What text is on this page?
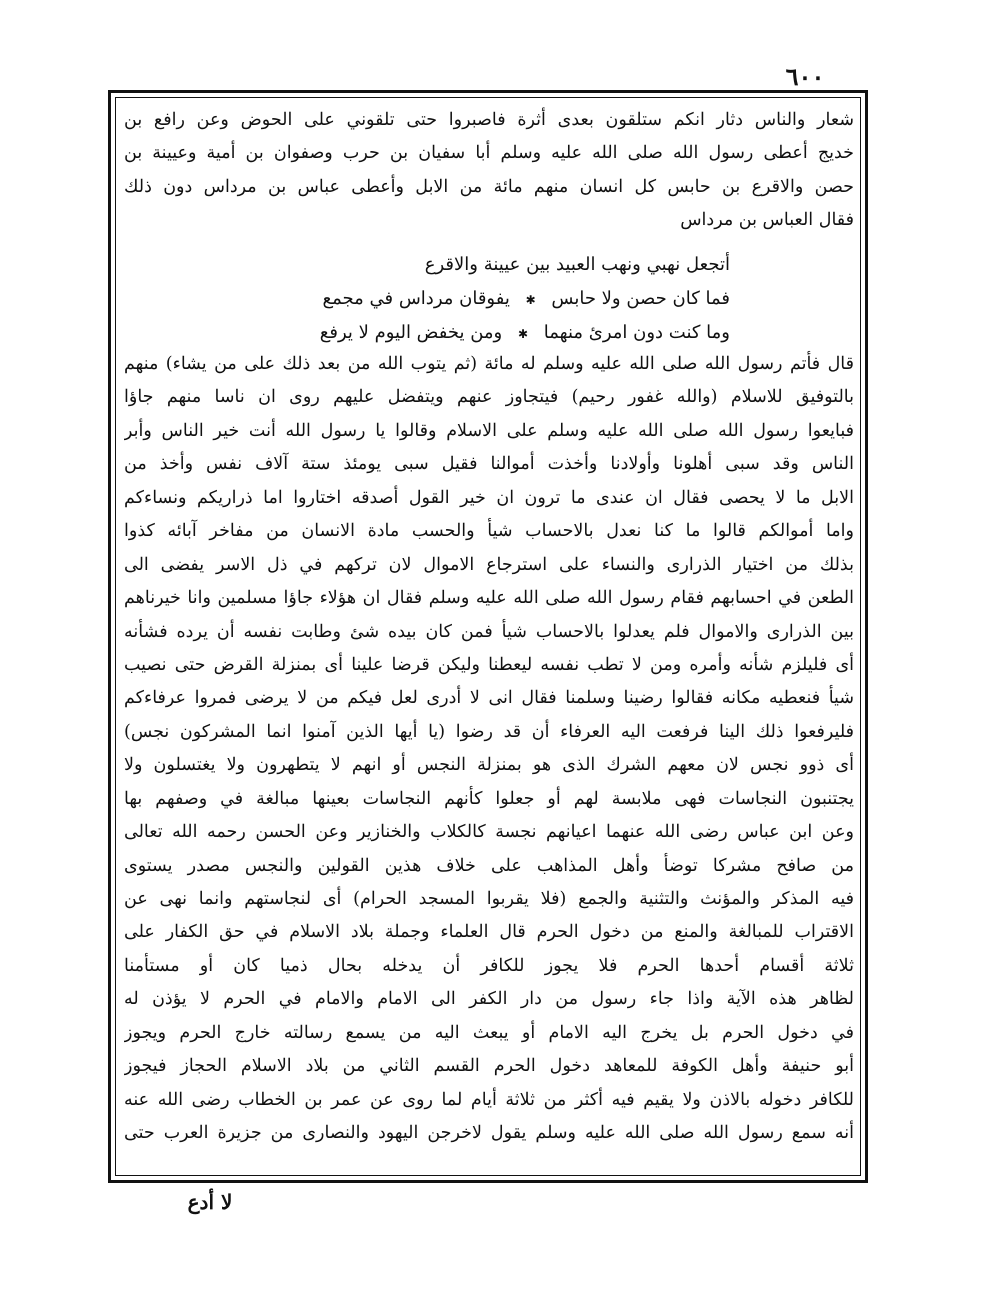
٦٠٠
شعار والناس دثار انكم ستلقون بعدى أثرة فاصبروا حتى تلقوني على الحوض وعن رافع بن
خديج أعطى رسول الله صلى الله عليه وسلم أبا سفيان بن حرب وصفوان بن أمية وعيينة بن
حصن والاقرع بن حابس كل انسان منهم مائة من الابل وأعطى عباس بن مرداس دون ذلك
فقال العباس بن مرداس
أتجعل نهبي ونهب العبيد بين عيينة والاقرع
فما كان حصن ولا حابس ✱ يفوقان مرداس في مجمع
وما كنت دون امرئ منهما ✱ ومن يخفض اليوم لا يرفع
قال فأتم رسول الله صلى الله عليه وسلم له مائة (ثم يتوب الله من بعد ذلك على من يشاء) منهم
بالتوفيق للاسلام (والله غفور رحيم) فيتجاوز عنهم ويتفضل عليهم روى ان ناسا منهم جاؤا
فبايعوا رسول الله صلى الله عليه وسلم على الاسلام وقالوا يا رسول الله أنت خير الناس وأبر
الناس وقد سبى أهلونا وأولادنا وأخذت أموالنا فقيل سبى يومئذ ستة آلاف نفس وأخذ من
الابل ما لا يحصى فقال ان عندى ما ترون ان خير القول أصدقه اختاروا اما ذراريكم ونساءكم
واما أموالكم قالوا ما كنا نعدل بالاحساب شيأ والحسب مادة الانسان من مفاخر آبائه كذوا
بذلك من اختيار الذرارى والنساء على استرجاع الاموال لان تركهم في ذل الاسر يفضى الى
الطعن في احسابهم فقام رسول الله صلى الله عليه وسلم فقال ان هؤلاء جاؤا مسلمين وانا خيرناهم
بين الذرارى والاموال فلم يعدلوا بالاحساب شيأ فمن كان بيده شئ وطابت نفسه أن يرده فشأنه
أى فليلزم شأنه وأمره ومن لا تطب نفسه ليعطنا وليكن قرضا علينا أى بمنزلة القرض حتى نصيب
شيأ فنعطيه مكانه فقالوا رضينا وسلمنا فقال انى لا أدرى لعل فيكم من لا يرضى فمروا عرفاءكم
فليرفعوا ذلك الينا فرفعت اليه العرفاء أن قد رضوا (يا أيها الذين آمنوا انما المشركون نجس)
أى ذوو نجس لان معهم الشرك الذى هو بمنزلة النجس أو انهم لا يتطهرون ولا يغتسلون ولا
يجتنبون النجاسات فهى ملابسة لهم أو جعلوا كأنهم النجاسات بعينها مبالغة في وصفهم بها
وعن ابن عباس رضى الله عنهما اعيانهم نجسة كالكلاب والخنازير وعن الحسن رحمه الله تعالى
من صافح مشركا توضأ وأهل المذاهب على خلاف هذين القولين والنجس مصدر يستوى
فيه المذكر والمؤنث والتثنية والجمع (فلا يقربوا المسجد الحرام) أى لنجاستهم وانما نهى عن
الاقتراب للمبالغة والمنع من دخول الحرم قال العلماء وجملة بلاد الاسلام في حق الكفار على
ثلاثة أقسام أحدها الحرم فلا يجوز للكافر أن يدخله بحال ذميا كان أو مستأمنا
لظاهر هذه الآية واذا جاء رسول من دار الكفر الى الامام والامام في الحرم لا يؤذن له
في دخول الحرم بل يخرج اليه الامام أو يبعث اليه من يسمع رسالته خارج الحرم ويجوز
أبو حنيفة وأهل الكوفة للمعاهد دخول الحرم القسم الثاني من بلاد الاسلام الحجاز فيجوز
للكافر دخوله بالاذن ولا يقيم فيه أكثر من ثلاثة أيام لما روى عن عمر بن الخطاب رضى الله عنه
أنه سمع رسول الله صلى الله عليه وسلم يقول لاخرجن اليهود والنصارى من جزيرة العرب حتى
لا أدع
